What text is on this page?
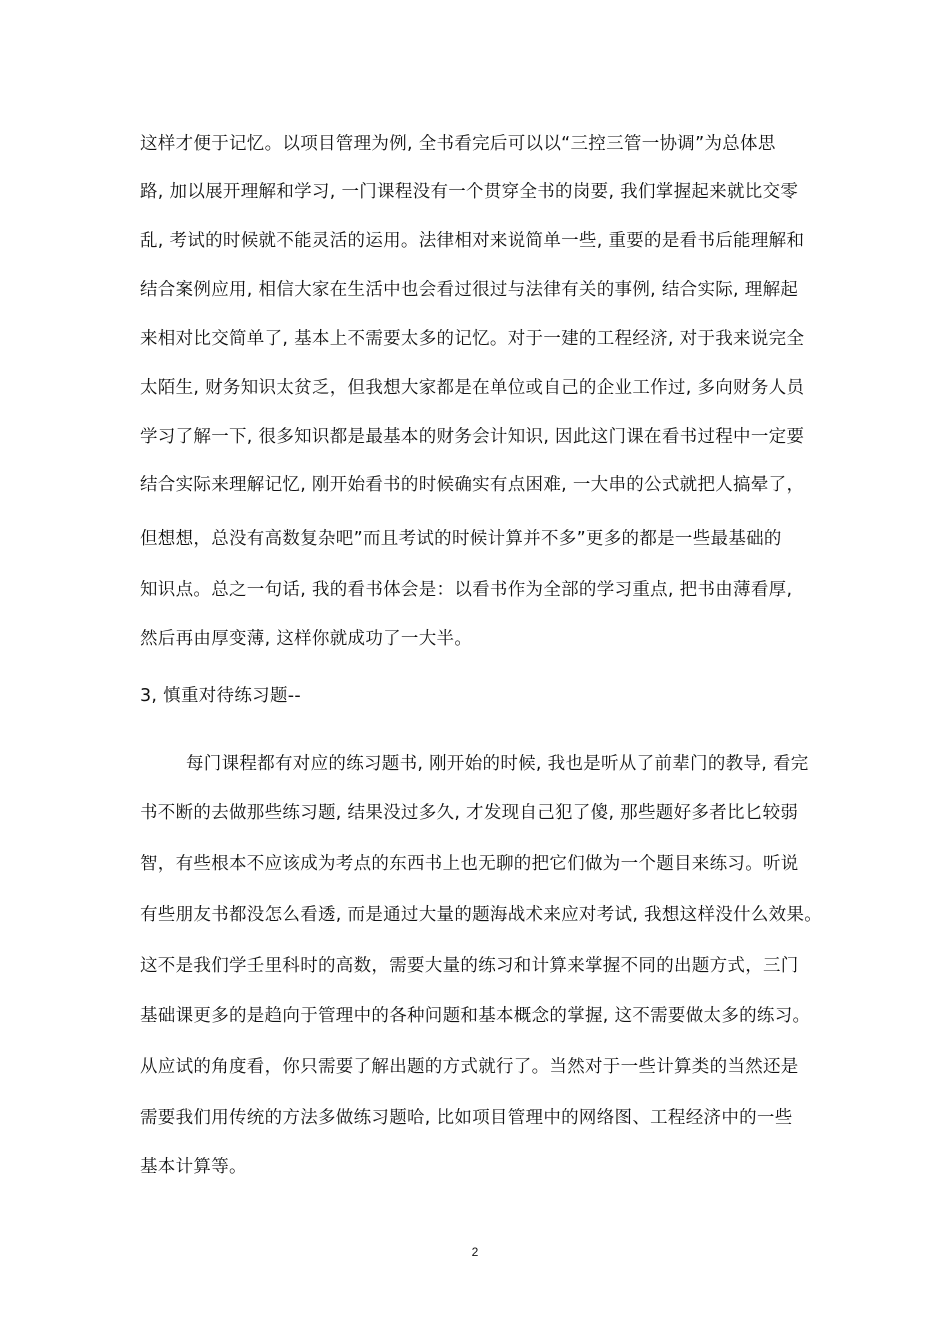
这样才便于记忆。以项目管理为例, 全书看完后可以以“三控三管一协调”为总体思
路, 加以展开理解和学习, 一门课程没有一个贯穿全书的岗要, 我们掌握起来就比交零
乱, 考试的时候就不能灵活的运用。法律相对来说简单一些, 重要的是看书后能理解和
结合案例应用, 相信大家在生活中也会看过很过与法律有关的事例, 结合实际, 理解起
来相对比交简单了, 基本上不需要太多的记忆。对于一建的工程经济, 对于我来说完全
太陌生, 财务知识太贫乏，但我想大家都是在单位或自己的企业工作过, 多向财务人员
学习了解一下, 很多知识都是最基本的财务会计知识, 因此这门课在看书过程中一定要
结合实际来理解记忆, 刚开始看书的时候确实有点困难, 一大串的公式就把人搞晕了，
但想想，总没有高数复杂吧”而且考试的时候计算并不多”更多的都是一些最基础的
知识点。总之一句话, 我的看书体会是：以看书作为全部的学习重点, 把书由薄看厚,
然后再由厚变薄, 这样你就成功了一大半。
3, 慎重对待练习题--
每门课程都有对应的练习题书, 刚开始的时候, 我也是听从了前辈门的教导, 看完
书不断的去做那些练习题, 结果没过多久, 才发现自己犯了傻, 那些题好多者比匕较弱
智，有些根本不应该成为考点的东西书上也无聊的把它们做为一个题目来练习。听说
有些朋友书都没怎么看透, 而是通过大量的题海战术来应对考试, 我想这样没什么效果。
这不是我们学壬里科时的高数，需要大量的练习和计算来掌握不同的出题方式，三门
基础课更多的是趋向于管理中的各种问题和基本概念的掌握, 这不需要做太多的练习。
从应试的角度看，你只需要了解出题的方式就行了。当然对于一些计算类的当然还是
需要我们用传统的方法多做练习题哈, 比如项目管理中的网络图、工程经济中的一些
基本计算等。
2
